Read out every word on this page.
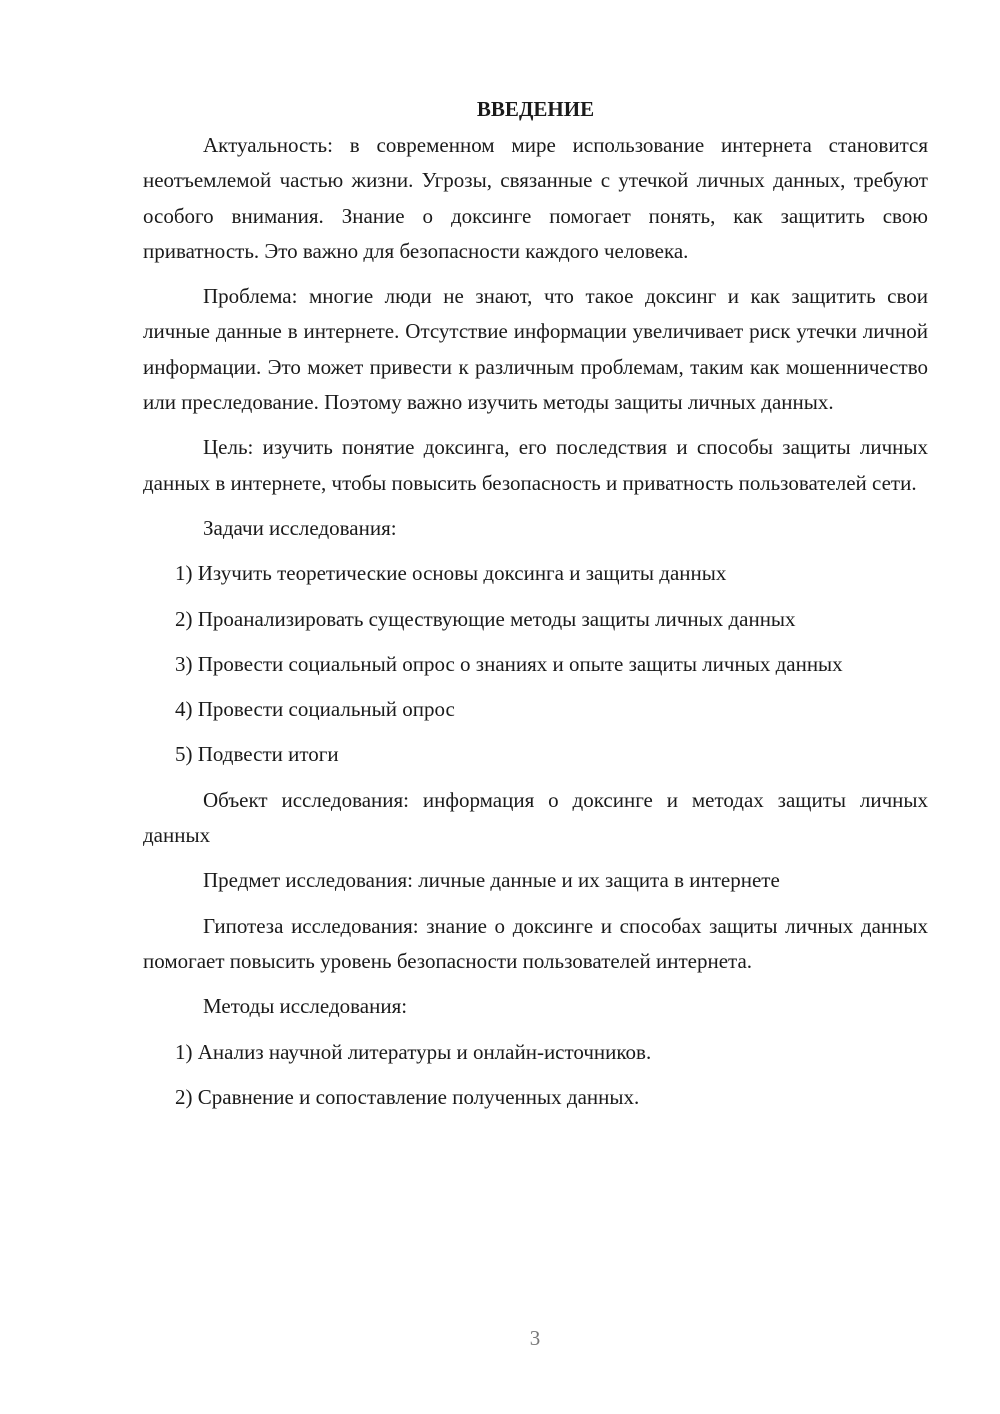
ВВЕДЕНИЕ

Актуальность: в современном мире использование интернета становится неотъемлемой частью жизни. Угрозы, связанные с утечкой личных данных, требуют особого внимания. Знание о доксинге помогает понять, как защитить свою приватность. Это важно для безопасности каждого человека.

Проблема: многие люди не знают, что такое доксинг и как защитить свои личные данные в интернете. Отсутствие информации увеличивает риск утечки личной информации. Это может привести к различным проблемам, таким как мошенничество или преследование. Поэтому важно изучить методы защиты личных данных.

Цель: изучить понятие доксинга, его последствия и способы защиты личных данных в интернете, чтобы повысить безопасность и приватность пользователей сети.

Задачи исследования:

1) Изучить теоретические основы доксинга и защиты данных

2) Проанализировать существующие методы защиты личных данных

3) Провести социальный опрос о знаниях и опыте защиты личных данных

4) Провести социальный опрос

5) Подвести итоги

Объект исследования: информация о доксинге и методах защиты личных данных

Предмет исследования: личные данные и их защита в интернете

Гипотеза исследования: знание о доксинге и способах защиты личных данных помогает повысить уровень безопасности пользователей интернета.

Методы исследования:

1) Анализ научной литературы и онлайн-источников.

2) Сравнение и сопоставление полученных данных.

3
